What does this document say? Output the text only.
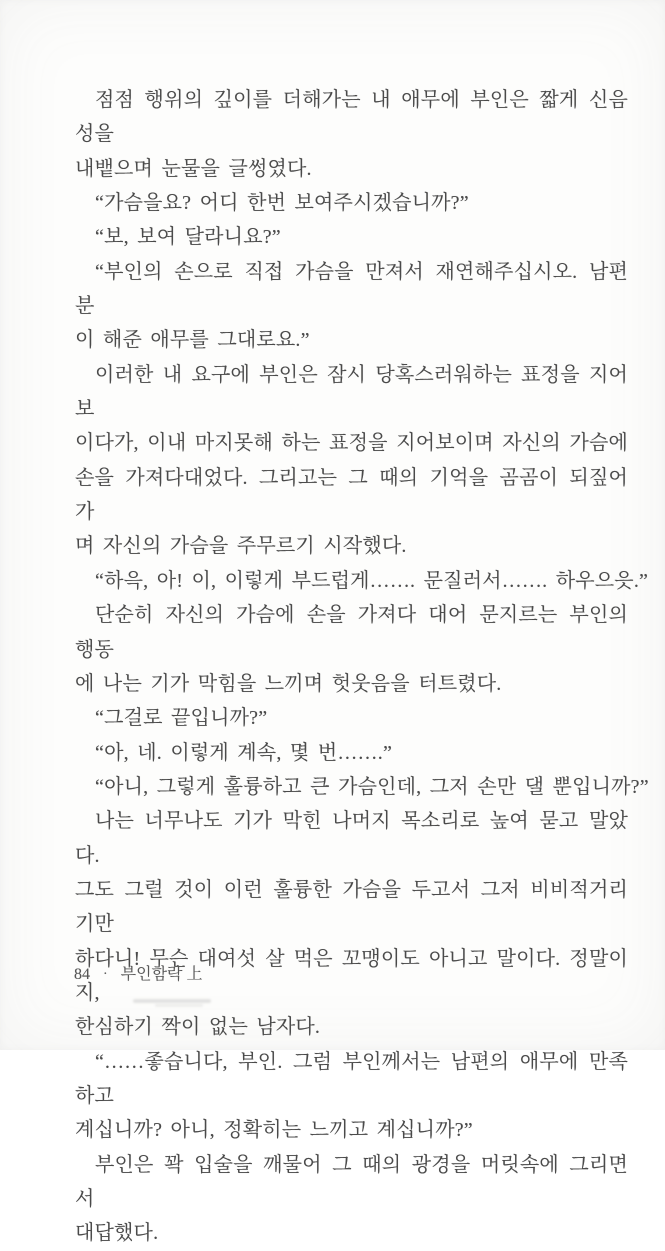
점점 행위의 깊이를 더해가는 내 애무에 부인은 짧게 신음성을
내뱉으며 눈물을 글썽였다.
“가슴을요? 어디 한번 보여주시겠습니까?”
“보, 보여 달라니요?”
“부인의 손으로 직접 가슴을 만져서 재연해주십시오. 남편 분
이 해준 애무를 그대로요.”
이러한 내 요구에 부인은 잠시 당혹스러워하는 표정을 지어보
이다가, 이내 마지못해 하는 표정을 지어보이며 자신의 가슴에
손을 가져다대었다. 그리고는 그 때의 기억을 곰곰이 되짚어 가
며 자신의 가슴을 주무르기 시작했다.
“하윽, 아! 이, 이렇게 부드럽게……. 문질러서……. 하우으읏.”
단순히 자신의 가슴에 손을 가져다 대어 문지르는 부인의 행동
에 나는 기가 막힘을 느끼며 헛웃음을 터트렸다.
“그걸로 끝입니까?”
“아, 네. 이렇게 계속, 몇 번…….”
“아니, 그렇게 훌륭하고 큰 가슴인데, 그저 손만 댈 뿐입니까?”
나는 너무나도 기가 막힌 나머지 목소리로 높여 묻고 말았다.
그도 그럴 것이 이런 훌륭한 가슴을 두고서 그저 비비적거리기만
하다니! 무슨 대여섯 살 먹은 꼬맹이도 아니고 말이다. 정말이지,
한심하기 짝이 없는 남자다.
“……좋습니다, 부인. 그럼 부인께서는 남편의 애무에 만족하고
계십니까? 아니, 정확히는 느끼고 계십니까?”
부인은 꽉 입술을 깨물어 그 때의 광경을 머릿속에 그리면서
대답했다.
84 · 부인함락 上
